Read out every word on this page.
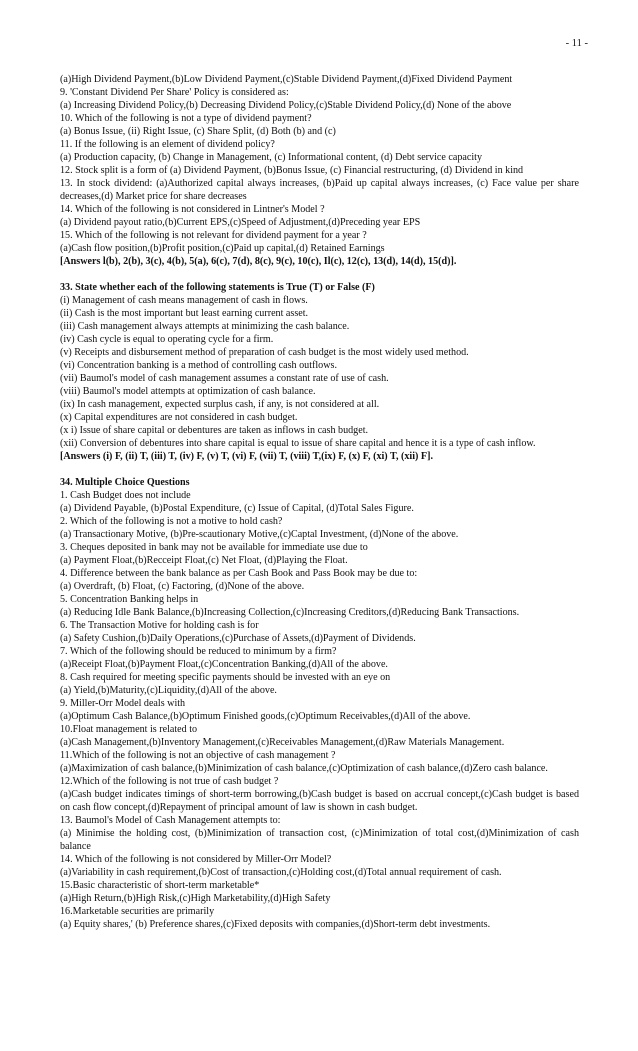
- 11 -
(a)High Dividend Payment,(b)Low Dividend Payment,(c)Stable Dividend Payment,(d)Fixed Dividend Payment
9. 'Constant Dividend Per Share' Policy is considered as:
(a) Increasing Dividend Policy,(b) Decreasing Dividend Policy,(c)Stable Dividend Policy,(d) None of the above
10. Which of the following is not a type of dividend payment?
(a) Bonus Issue, (ii) Right Issue, (c) Share Split, (d) Both (b) and (c)
11. If the following is an element of dividend policy?
(a) Production capacity, (b) Change in Management, (c) Informational content, (d) Debt service capacity
12. Stock split is a form of (a) Dividend Payment, (b)Bonus Issue, (c) Financial restructuring, (d) Dividend in kind
13. In stock dividend: (a)Authorized capital always increases, (b)Paid up capital always increases, (c) Face value per share decreases,(d) Market price for share decreases
14. Which of the following is not considered in Lintner's Model ?
(a) Dividend payout ratio,(b)Current EPS,(c)Speed of Adjustment,(d)Preceding year EPS
15. Which of the following is not relevant for dividend payment for a year ?
(a)Cash flow position,(b)Profit position,(c)Paid up capital,(d) Retained Earnings
[Answers l(b), 2(b), 3(c), 4(b), 5(a), 6(c), 7(d), 8(c), 9(c), 10(c), Il(c), 12(c), 13(d), 14(d), 15(d)].
33. State whether each of the following statements is True (T) or False (F)
(i) Management of cash means management of cash in flows.
(ii) Cash is the most important but least earning current asset.
(iii) Cash management always attempts at minimizing the cash balance.
(iv) Cash cycle is equal to operating cycle for a firm.
(v) Receipts and disbursement method of preparation of cash budget is the most widely used method.
(vi) Concentration banking is a method of controlling cash outflows.
(vii) Baumol's model of cash management assumes a constant rate of use of cash.
(viii) Baumol's model attempts at optimization of cash balance.
(ix) In cash management, expected surplus cash, if any, is not considered at all.
(x) Capital expenditures are not considered in cash budget.
(x i) Issue of share capital or debentures are taken as inflows in cash budget.
(xii) Conversion of debentures into share capital is equal to issue of share capital and hence it is a type of cash inflow.
[Answers (i) F, (ii) T, (iii) T, (iv) F, (v) T, (vi) F, (vii) T, (viii) T,(ix) F, (x) F, (xi) T, (xii) F].
34. Multiple Choice Questions
1. Cash Budget does not include
(a) Dividend Payable, (b)Postal Expenditure, (c) Issue of Capital, (d)Total Sales Figure.
2. Which of the following is not a motive to hold cash?
(a) Transactionary Motive, (b)Pre-scautionary Motive,(c)Captal Investment, (d)None of the above.
3. Cheques deposited in bank may not be available for immediate use due to
(a) Payment Float,(b)Recceipt Float,(c) Net Float, (d)Playing the Float.
4. Difference between the bank balance as per Cash Book and Pass Book may be due to:
(a) Overdraft, (b) Float, (c) Factoring, (d)None of the above.
5. Concentration Banking helps in
(a) Reducing Idle Bank Balance,(b)Increasing Collection,(c)Increasing Creditors,(d)Reducing Bank Transactions.
6. The Transaction Motive for holding cash is for
(a) Safety Cushion,(b)Daily Operations,(c)Purchase of Assets,(d)Payment of Dividends.
7. Which of the following should be reduced to minimum by a firm?
(a)Receipt Float,(b)Payment Float,(c)Concentration Banking,(d)All of the above.
8. Cash required for meeting specific payments should be invested with an eye on
(a) Yield,(b)Maturity,(c)Liquidity,(d)All of the above.
9. Miller-Orr Model deals with
(a)Optimum Cash Balance,(b)Optimum Finished goods,(c)Optimum Receivables,(d)All of the above.
10.Float management is related to
(a)Cash Management,(b)Inventory Management,(c)Receivables Management,(d)Raw Materials Management.
11.Which of the following is not an objective of cash management ?
(a)Maximization of cash balance,(b)Minimization of cash balance,(c)Optimization of cash balance,(d)Zero cash balance.
12.Which of the following is not true of cash budget ?
(a)Cash budget indicates timings of short-term borrowing,(b)Cash budget is based on accrual concept,(c)Cash budget is based on cash flow concept,(d)Repayment of principal amount of law is shown in cash budget.
13. Baumol's Model of Cash Management attempts to:
(a) Minimise the holding cost, (b)Minimization of transaction cost, (c)Minimization of total cost,(d)Minimization of cash balance
14. Which of the following is not considered by Miller-Orr Model?
(a)Variability in cash requirement,(b)Cost of transaction,(c)Holding cost,(d)Total annual requirement of cash.
15.Basic characteristic of short-term marketable*
(a)High Return,(b)High Risk,(c)High Marketability,(d)High Safety
16.Marketable securities are primarily
(a) Equity shares,' (b) Preference shares,(c)Fixed deposits with companies,(d)Short-term debt investments.
